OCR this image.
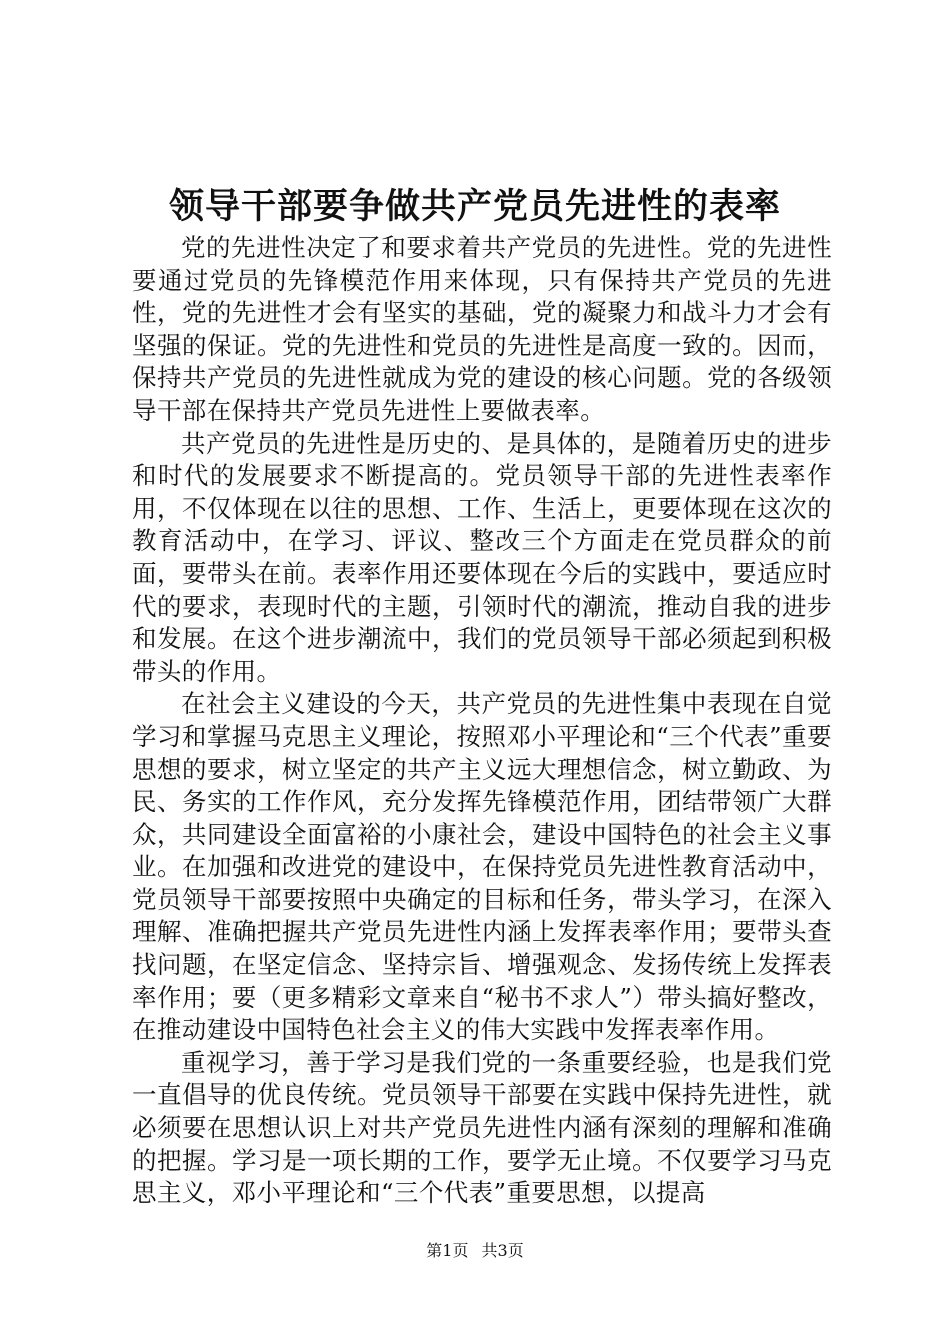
领导干部要争做共产党员先进性的表率

党的先进性决定了和要求着共产党员的先进性。党的先进性要通过党员的先锋模范作用来体现，只有保持共产党员的先进性，党的先进性才会有坚实的基础，党的凝聚力和战斗力才会有坚强的保证。党的先进性和党员的先进性是高度一致的。因而，保持共产党员的先进性就成为党的建设的核心问题。党的各级领导干部在保持共产党员先进性上要做表率。

共产党员的先进性是历史的、是具体的，是随着历史的进步和时代的发展要求不断提高的。党员领导干部的先进性表率作用，不仅体现在以往的思想、工作、生活上，更要体现在这次的教育活动中，在学习、评议、整改三个方面走在党员群众的前面，要带头在前。表率作用还要体现在今后的实践中，要适应时代的要求，表现时代的主题，引领时代的潮流，推动自我的进步和发展。在这个进步潮流中，我们的党员领导干部必须起到积极带头的作用。

在社会主义建设的今天，共产党员的先进性集中表现在自觉学习和掌握马克思主义理论，按照邓小平理论和“三个代表”重要思想的要求，树立坚定的共产主义远大理想信念，树立勤政、为民、务实的工作作风，充分发挥先锋模范作用，团结带领广大群众，共同建设全面富裕的小康社会，建设中国特色的社会主义事业。在加强和改进党的建设中，在保持党员先进性教育活动中，党员领导干部要按照中央确定的目标和任务，带头学习，在深入理解、准确把握共产党员先进性内涵上发挥表率作用；要带头查找问题，在坚定信念、坚持宗旨、增强观念、发扬传统上发挥表率作用；要（更多精彩文章来自“秘书不求人”）带头搞好整改，在推动建设中国特色社会主义的伟大实践中发挥表率作用。

重视学习，善于学习是我们党的一条重要经验，也是我们党一直倡导的优良传统。党员领导干部要在实践中保持先进性，就必须要在思想认识上对共产党员先进性内涵有深刻的理解和准确的把握。学习是一项长期的工作，要学无止境。不仅要学习马克思主义，邓小平理论和“三个代表”重要思想，以提高

第1页 共3页
